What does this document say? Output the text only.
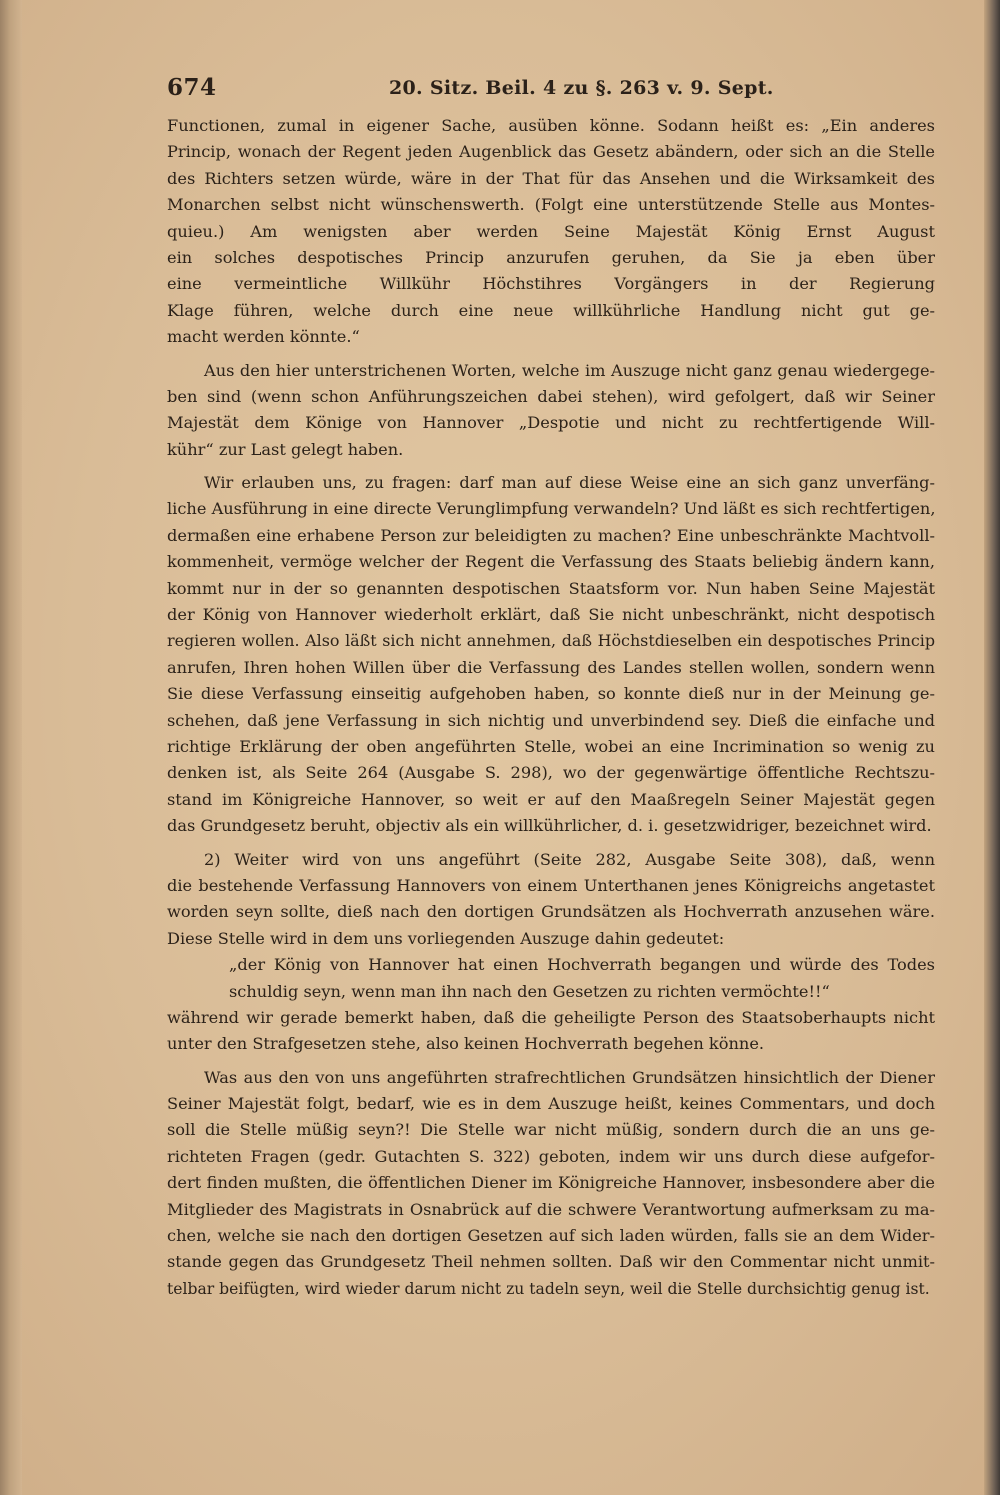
674	20. Sitz. Beil. 4 zu §. 263 v. 9. Sept.
Functionen, zumal in eigener Sache, ausüben könne. Sodann heißt es: „Ein anderes
Princip, wonach der Regent jeden Augenblick das Gesetz abändern, oder sich an die Stelle
des Richters setzen würde, wäre in der That für das Ansehen und die Wirksamkeit des
Monarchen selbst nicht wünschenswerth. (Folgt eine unterstützende Stelle aus Montes-
quieu.) Am wenigsten aber werden Seine Majestät König Ernst August
ein solches despotisches Princip anzurufen geruhen, da Sie ja eben über
eine vermeintliche Willkühr Höchstihres Vorgängers in der Regierung
Klage führen, welche durch eine neue willkührliche Handlung nicht gut ge-
macht werden könnte.“
Aus den hier unterstrichenen Worten, welche im Auszuge nicht ganz genau wiedergege-
ben sind (wenn schon Anführungszeichen dabei stehen), wird gefolgert, daß wir Seiner
Majestät dem Könige von Hannover „Despotie und nicht zu rechtfertigende Will-
kühr“ zur Last gelegt haben.
Wir erlauben uns, zu fragen: darf man auf diese Weise eine an sich ganz unverfäng-
liche Ausführung in eine directe Verunglimpfung verwandeln? Und läßt es sich rechtfertigen,
dermaßen eine erhabene Person zur beleidigten zu machen? Eine unbeschränkte Machtvoll-
kommenheit, vermöge welcher der Regent die Verfassung des Staats beliebig ändern kann,
kommt nur in der so genannten despotischen Staatsform vor. Nun haben Seine Majestät
der König von Hannover wiederholt erklärt, daß Sie nicht unbeschränkt, nicht despotisch
regieren wollen. Also läßt sich nicht annehmen, daß Höchstdieselben ein despotisches Princip
anrufen, Ihren hohen Willen über die Verfassung des Landes stellen wollen, sondern wenn
Sie diese Verfassung einseitig aufgehoben haben, so konnte dieß nur in der Meinung ge-
schehen, daß jene Verfassung in sich nichtig und unverbindend sey. Dieß die einfache und
richtige Erklärung der oben angeführten Stelle, wobei an eine Incrimination so wenig zu
denken ist, als Seite 264 (Ausgabe S. 298), wo der gegenwärtige öffentliche Rechtszu-
stand im Königreiche Hannover, so weit er auf den Maaßregeln Seiner Majestät gegen
das Grundgesetz beruht, objectiv als ein willkührlicher, d. i. gesetzwidriger, bezeichnet wird.
2) Weiter wird von uns angeführt (Seite 282, Ausgabe Seite 308), daß, wenn
die bestehende Verfassung Hannovers von einem Unterthanen jenes Königreichs angetastet
worden seyn sollte, dieß nach den dortigen Grundsätzen als Hochverrath anzusehen wäre.
Diese Stelle wird in dem uns vorliegenden Auszuge dahin gedeutet:
„der König von Hannover hat einen Hochverrath begangen und würde des Todes
schuldig seyn, wenn man ihn nach den Gesetzen zu richten vermöchte!!“
während wir gerade bemerkt haben, daß die geheiligte Person des Staatsoberhaupts nicht
unter den Strafgesetzen stehe, also keinen Hochverrath begehen könne.
Was aus den von uns angeführten strafrechtlichen Grundsätzen hinsichtlich der Diener
Seiner Majestät folgt, bedarf, wie es in dem Auszuge heißt, keines Commentars, und doch
soll die Stelle müßig seyn?! Die Stelle war nicht müßig, sondern durch die an uns ge-
richteten Fragen (gedr. Gutachten S. 322) geboten, indem wir uns durch diese aufgefor-
dert finden mußten, die öffentlichen Diener im Königreiche Hannover, insbesondere aber die
Mitglieder des Magistrats in Osnabrück auf die schwere Verantwortung aufmerksam zu ma-
chen, welche sie nach den dortigen Gesetzen auf sich laden würden, falls sie an dem Wider-
stande gegen das Grundgesetz Theil nehmen sollten. Daß wir den Commentar nicht unmit-
telbar beifügten, wird wieder darum nicht zu tadeln seyn, weil die Stelle durchsichtig genug ist.
